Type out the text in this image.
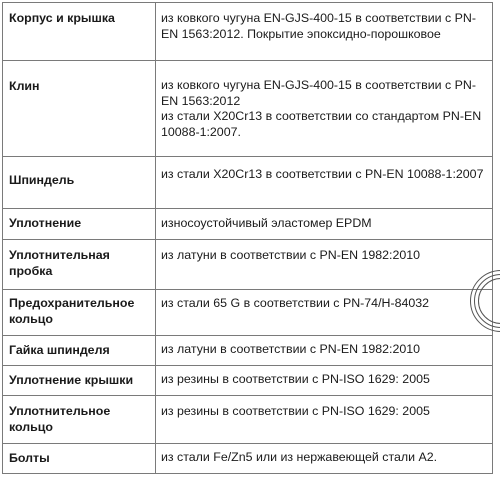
Корпус и крышка	из ковкого чугуна EN-GJS-400-15 в соответствии с PN-EN 1563:2012. Покрытие эпоксидно-порошковое

Клин	из ковкого чугуна EN-GJS-400-15 в соответствии с PN-EN 1563:2012
из стали X20Cr13 в соответствии со стандартом PN-EN 10088-1:2007.

Шпиндель	из стали X20Cr13 в соответствии с PN-EN 10088-1:2007

Уплотнение	износоустойчивый эластомер EPDM

Уплотнительная пробка	из латуни в соответствии с PN-EN 1982:2010

Предохранительное кольцо	из стали 65 G в соответствии с PN-74/H-84032

Гайка шпинделя	из латуни в соответствии с PN-EN 1982:2010

Уплотнение крышки	из резины в соответствии с PN-ISO 1629: 2005

Уплотнительное кольцо	из резины в соответствии с PN-ISO 1629: 2005

Болты	из стали Fe/Zn5 или из нержавеющей стали A2.
